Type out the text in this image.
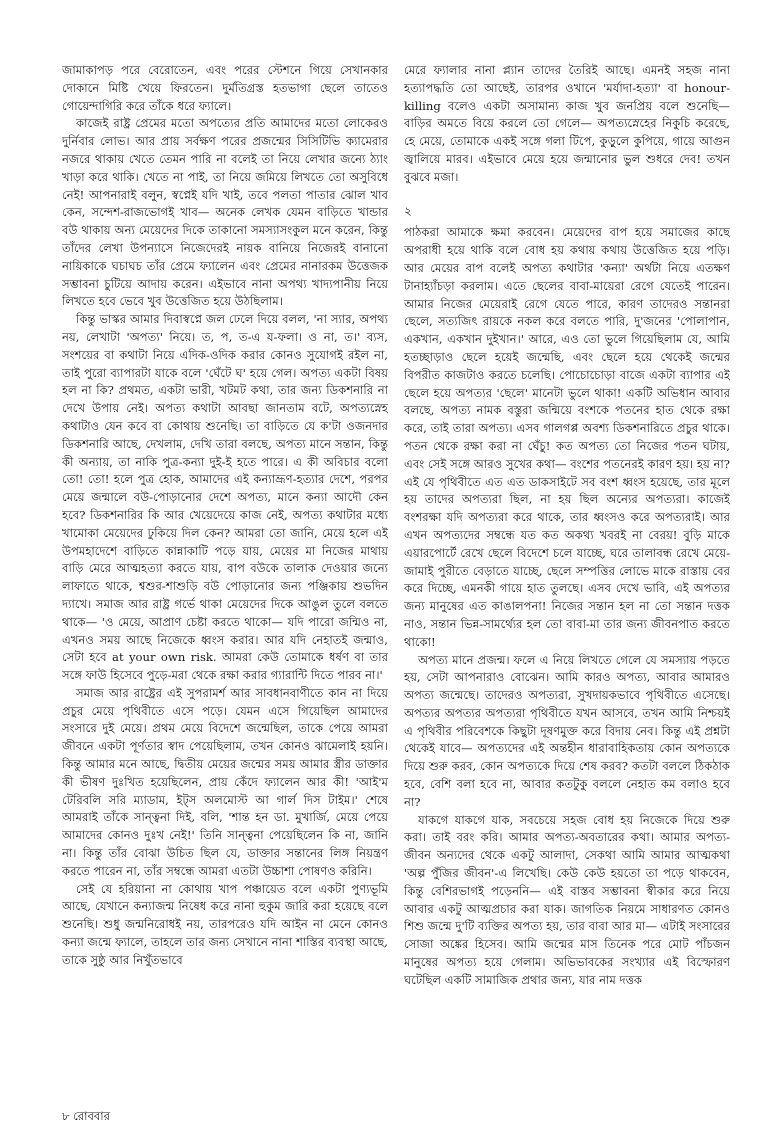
জামাকাপড় পরে বেরোতেন, এবং পরের স্টেশনে গিয়ে সেখানকার দোকানে মিষ্টি খেয়ে ফিরতেন। দুর্মতিগ্রস্ত হতভাগা ছেলে তাতেও গোয়েন্দাগিরি করে তাঁকে ধরে ফ্যালে।

কাজেই রাষ্ট্র প্রেমের মতো অপত্যের প্রতি আমাদের মতো লোকেরও দুর্নিবার লোভ। আর প্রায় সর্বক্ষণ পরের প্রজন্মের সিসিটিভি ক্যামেরার নজরে থাকায় খেতে তেমন পারি না বলেই তা নিয়ে লেখার জন্যে ঠ্যাং খাড়া করে থাকি। খেতে না পাই, তা নিয়ে জমিয়ে লিখতে তো অসুবিধে নেই! আপনারাই বলুন, স্বপ্নেই যদি খাই, তবে পলতা পাতার ঝোল খাব কেন, সন্দেশ-রাজভোগই খাব— অনেক লেখক যেমন বাড়িতে খান্ডার বউ থাকায় অন্য মেয়েদের দিকে তাকানো সমস্যাসংকুল মনে করেন, কিন্তু তাঁদের লেখা উপন্যাসে নিজেদেরই নায়ক বানিয়ে নিজেরই বানানো নায়িকাকে ঘচাঘচ তাঁর প্রেমে ফ্যালেন এবং প্রেমের নানারকম উত্তেজক সম্ভাবনা চুটিয়ে আদায় করেন। এইভাবে নানা অপথ্য খাদ্যপানীয় নিয়ে লিখতে হবে ভেবে খুব উত্তেজিত হয়ে উঠছিলাম।

কিন্তু ভাস্কর আমার দিবাস্বপ্নে জল ঢেলে দিয়ে বলল, 'না স্যার, অপথ্য নয়, লেখাটা 'অপত্য' নিয়ে। ত, প, ত-এ য-ফলা। ও না, ত।' ব্যস, সংশয়ের বা কথাটা নিয়ে এদিক-ওদিক করার কোনও সুযোগই রইল না, তাই পুরো ব্যাপারটা যাকে বলে 'ঘেঁটে ঘ' হয়ে গেল। অপত্য একটা বিষয় হল না কি? প্রথমত, একটা ভারী, খটমট কথা, তার জন্য ডিকশনারি না দেখে উপায় নেই। অপত্য কথাটা আবছা জানতাম বটে, অপত্যস্নেহ কথাটাও যেন কবে বা কোথায় শুনেছি। তা বাড়িতে যে ক'টা ওজনদার ডিকশনারি আছে, দেখলাম, দেখি তারা বলছে, অপত্য মানে সন্তান, কিন্তু কী অন্যায়, তা নাকি পুত্র-কন্যা দুই-ই হতে পারে। এ কী অবিচার বলো তো! তো! হলে পুত্র হোক, আমাদের এই কন্যাভ্রূণ-হত্যার দেশে, পরপর মেয়ে জন্মালে বউ-পোড়ানোর দেশে অপত্য, মানে কন্যা আদৌ কেন হবে? ডিকশনারির কি আর খেয়েদেয়ে কাজ নেই, অপত্য কথাটার মধ্যে খামোকা মেয়েদের ঢুকিয়ে দিল কেন? আমরা তো জানি, মেয়ে হলে এই উপমহাদেশে বাড়িতে কান্নাকাটি পড়ে যায়, মেয়ের মা নিজের মাথায় বাড়ি মেরে আত্মহত্যা করতে যায়, বাপ বউকে তালাক দেওয়ার জন্যে লাফাতে থাকে, শ্বশুর-শাশুড়ি বউ পোড়ানোর জন্য পঞ্জিকায় শুভদিন দ্যাখে। সমাজ আর রাষ্ট্র গর্ভে থাকা মেয়েদের দিকে আঙুল তুলে বলতে থাকে— 'ও মেয়ে, আপ্রাণ চেষ্টা করতে থাকো— যদি পারো জন্মিও না, এখনও সময় আছে নিজেকে ধ্বংস করার। আর যদি নেহাতই জন্মাও, সেটা হবে at your own risk. আমরা কেউ তোমাকে ধর্ষণ বা তার সঙ্গে ফাউ হিসেবে পুড়ে-মরা থেকে রক্ষা করার গ্যারান্টি দিতে পারব না।'

সমাজ আর রাষ্ট্রের এই সুপরামর্শ আর সাবধানবাণীতে কান না দিয়ে প্রচুর মেয়ে পৃথিবীতে এসে পড়ে। যেমন এসে গিয়েছিল আমাদের সংসারে দুই মেয়ে। প্রথম মেয়ে বিদেশে জন্মেছিল, তাকে পেয়ে আমরা জীবনে একটা পূর্ণতার স্বাদ পেয়েছিলাম, তখন কোনও ঝামেলাই হয়নি। কিন্তু আমার মনে আছে, দ্বিতীয় মেয়ের জন্মের সময় আমার স্ত্রীর ডাক্তার কী ভীষণ দুঃখিত হয়েছিলেন, প্রায় কেঁদে ফ্যালেন আর কী! 'আই'ম টেরিবলি সরি ম্যাডাম, ইট্‌স অলমোস্ট আ গার্ল দিস টাইম।' শেষে আমরাই তাঁকে সান্ত্বনা দিই, বলি, 'শান্ত হন ডা. মুখার্জি, মেয়ে পেয়ে আমাদের কোনও দুঃখ নেই!' তিনি সান্ত্বনা পেয়েছিলেন কি না, জানি না। কিন্তু তাঁর বোঝা উচিত ছিল যে, ডাক্তার সন্তানের লিঙ্গ নিয়ন্ত্রণ করতে পারেন না, তাঁর সম্বন্ধে আমরা এতটা উচ্চাশা পোষণও করিনি।

সেই যে হরিয়ানা না কোথায় খাপ পঞ্চায়েত বলে একটা পুণ্যভূমি আছে, যেখানে কন্যাজন্ম নিষেধ করে নানা হুকুম জারি করা হয়েছে বলে শুনেছি। শুধু জন্মনিরোধই নয়, তারপরেও যদি আইন না মেনে কোনও কন্যা জন্মে ফ্যালে, তাহলে তার জন্য সেখানে নানা শাস্তির ব্যবস্থা আছে, তাকে সুষ্ঠু আর নিখুঁতভাবে

মেরে ফ্যালার নানা প্ল্যান তাদের তৈরিই আছে। এমনই সহজ নানা হত্যাপদ্ধতি তো আছেই, তারপর ওখানে 'মর্যাদা-হত্যা' বা honour-killing বলেও একটা অসামান্য কাজ খুব জনপ্রিয় বলে শুনেছি— বাড়ির অমতে বিয়ে করলে তো গেলে— অপত্যস্নেহের নিকুচি করেছে, হে মেয়ে, তোমাকে একই সঙ্গে গলা টিপে, কুড়ুলে কুপিয়ে, গায়ে আগুন জ্বালিয়ে মারব। এইভাবে মেয়ে হয়ে জন্মানোর ভুল শুধরে দেব! তখন বুঝবে মজা।

২

পাঠকরা আমাকে ক্ষমা করবেন। মেয়েদের বাপ হয়ে সমাজের কাছে অপরাধী হয়ে থাকি বলে বোধ হয় কথায় কথায় উত্তেজিত হয়ে পড়ি। আর মেয়ের বাপ বলেই অপত্য কথাটার 'কন্যা' অর্থটা নিয়ে এতক্ষণ টানাহ্যাঁচড়া করলাম। এতে ছেলের বাবা-মায়েরা রেগে যেতেই পারেন। আমার নিজের মেয়েরাই রেগে যেতে পারে, কারণ তাদেরও সন্তানরা ছেলে, সত্যজিৎ রায়কে নকল করে বলতে পারি, দু'জনের 'পোলাপান, একখান, একখান দুইখান।' আরে, এও তো ভুলে গিয়েছিলাম যে, আমি হতচ্ছাড়াও ছেলে হয়েই জন্মেছি, এবং ছেলে হয়ে থেকেই জন্মের বিপরীত কাজটাও করতে চলেছি। পোচোচোড়া বাজে একটা ব্যাপার এই ছেলে হয়ে অপত্যর 'ছেলে' মানেটা ভুলে থাকা! একটি অভিধান আবার বলছে, অপত্য নামক বস্তুরা জন্মিয়ে বংশকে পতনের হাত থেকে রক্ষা করে, তাই তারা অপত্য। এসব গালগপ্প অবশ্য ডিকশনারিতে প্রচুর থাকে। পতন থেকে রক্ষা করা না ঘেঁচু! কত অপত্য তো নিজের পতন ঘটায়, এবং সেই সঙ্গে আরও সুখের কথা— বংশের পতনেরই কারণ হয়। হয় না? এই যে পৃথিবীতে এত এত ডাকসাইটে সব বংশ ধ্বংস হয়েছে, তার মূলে হয় তাদের অপত্যরা ছিল, না হয় ছিল অন্যের অপত্যরা। কাজেই বংশরক্ষা যদি অপত্যরা করে থাকে, তার ধ্বংসও করে অপত্যরাই। আর এখন অপত্যদের সম্বন্ধে যত কত অকথ্য খবরই না বেরয়! বুড়ি মাকে এয়ারপোর্টে রেখে ছেলে বিদেশে চলে যাচ্ছে, ঘরে তালাবন্ধ রেখে মেয়ে-জামাই পুরীতে বেড়াতে যাচ্ছে, ছেলে সম্পত্তির লোভে মাকে রাস্তায় বের করে দিচ্ছে, এমনকী গায়ে হাত তুলছে। এসব দেখে ভাবি, এই অপত্যর জন্য মানুষের এত কাঙালপনা! নিজের সন্তান হল না তো সন্তান দত্তক নাও, সন্তান ভিন্ন-সামর্থ্যের হল তো বাবা-মা তার জন্য জীবনপাত করতে থাকো!

অপত্য মানে প্রজন্ম। ফলে এ নিয়ে লিখতে গেলে যে সমস্যায় পড়তে হয়, সেটা আপনারাও বোঝেন। আমি কারও অপত্য, আবার আমারও অপত্য জন্মেছে। তাদেরও অপত্যরা, সুখদায়কভাবে পৃথিবীতে এসেছে। অপত্যর অপত্যর অপত্যরা পৃথিবীতে যখন আসবে, তখন আমি নিশ্চয়ই এ পৃথিবীর পরিবেশকে কিছুটা দূষণমুক্ত করে বিদায় নেব। কিন্তু এই প্রশ্নটা থেকেই যাবে— অপত্যদের এই অন্তহীন ধারাবাহিকতায় কোন অপত্যকে দিয়ে শুরু করব, কোন অপত্যকে দিয়ে শেষ করব? কতটা বললে ঠিকঠাক হবে, বেশি বলা হবে না, আবার কতটুকু বললে নেহাত কম বলাও হবে না?

যাকগে যাকগে যাক, সবচেয়ে সহজ বোধ হয় নিজেকে দিয়ে শুরু করা। তাই বরং করি। আমার অপত্য-অবতারের কথা। আমার অপত্য-জীবন অন্যদের থেকে একটু আলাদা, সেকথা আমি আমার আত্মকথা 'অল্প পুঁজির জীবন'-এ লিখেছি। কেউ কেউ হয়তো তা পড়ে থাকবেন, কিন্তু বেশিরভাগই পড়েননি— এই বাস্তব সম্ভাবনা স্বীকার করে নিয়ে আবার একটু আত্মপ্রচার করা যাক। জাগতিক নিয়মে সাধারণত কোনও শিশু জন্মে দু'টি ব্যক্তির অপত্য হয়, তার বাবা আর মা— এটাই সংসারের সোজা অঙ্কের হিসেব। আমি জন্মের মাস তিনেক পরে মোট পাঁচজন মানুষের অপত্য হয়ে গেলাম। অভিভাবকের সংখ্যার এই বিস্ফোরণ ঘটেছিল একটি সামাজিক প্রথার জন্য, যার নাম দত্তক

৮ রোববার
